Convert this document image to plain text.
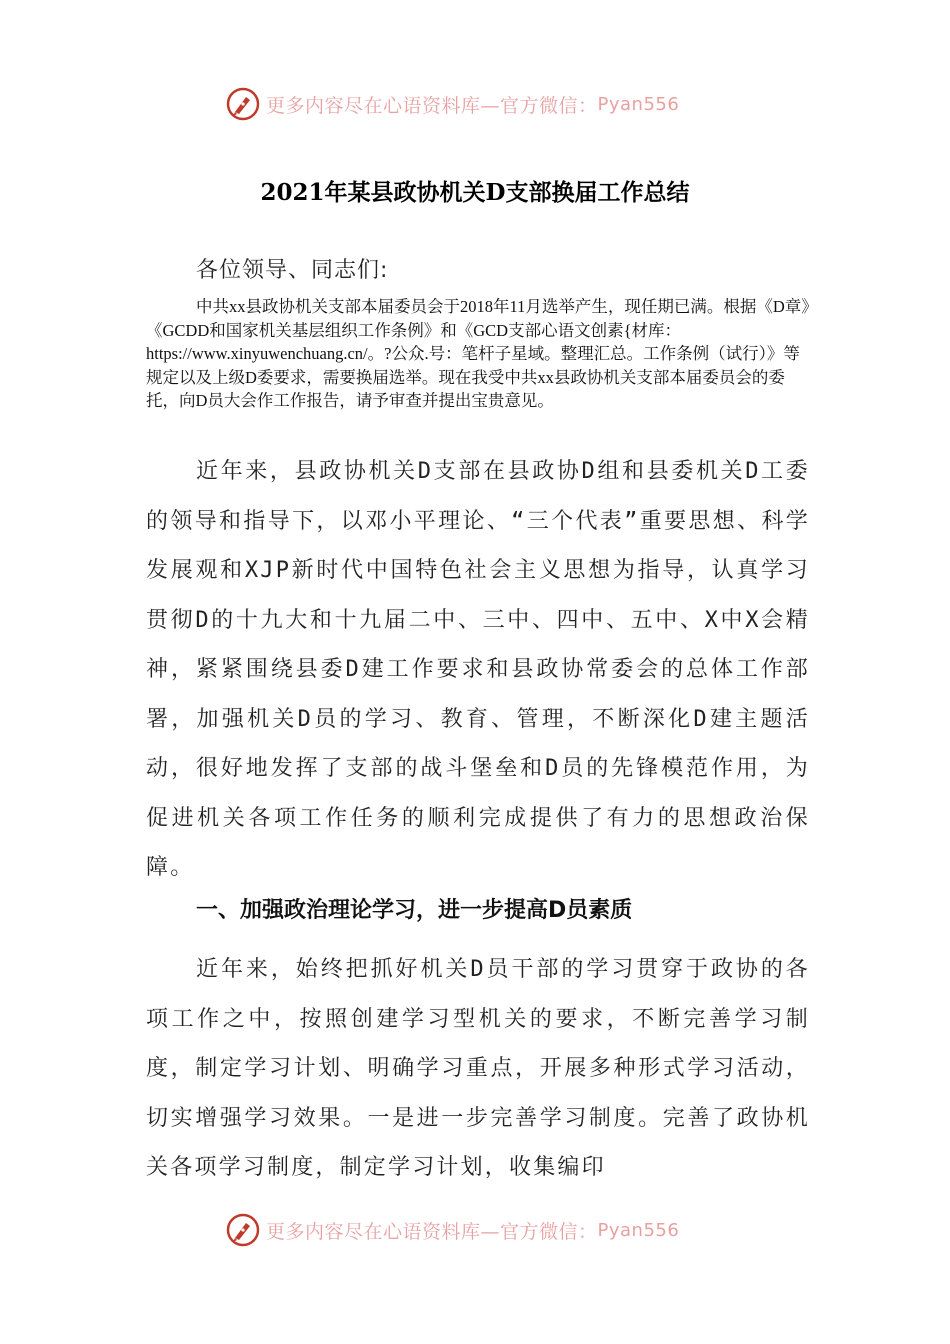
更多内容尽在心语资料库—官方微信： Pyan556
2021年某县政协机关D支部换届工作总结
各位领导、同志们:
中共xx县政协机关支部本届委员会于2018年11月选举产生，现任期已满。根据《D章》《GCDD和国家机关基层组织工作条例》和《GCD支部心语文创素{材库：https://www.xinyuwenchuang.cn/。?公众.号：笔杆子星域。整理汇总。工作条例（试行）》等规定以及上级D委要求，需要换届选举。现在我受中共xx县政协机关支部本届委员会的委托，向D员大会作工作报告，请予审查并提出宝贵意见。
近年来，县政协机关D支部在县政协D组和县委机关D工委的领导和指导下，以邓小平理论、“三个代表”重要思想、科学发展观和XJP新时代中国特色社会主义思想为指导，认真学习贯彻D的十九大和十九届二中、三中、四中、五中、X中X会精神，紧紧围绕县委D建工作要求和县政协常委会的总体工作部署，加强机关D员的学习、教育、管理，不断深化D建主题活动，很好地发挥了支部的战斗堡垒和D员的先锋模范作用，为促进机关各项工作任务的顺利完成提供了有力的思想政治保障。
一、加强政治理论学习，进一步提高D员素质
近年来，始终把抓好机关D员干部的学习贯穿于政协的各项工作之中，按照创建学习型机关的要求，不断完善学习制度，制定学习计划、明确学习重点，开展多种形式学习活动，切实增强学习效果。一是进一步完善学习制度。完善了政协机关各项学习制度，制定学习计划，收集编印
更多内容尽在心语资料库—官方微信： Pyan556
